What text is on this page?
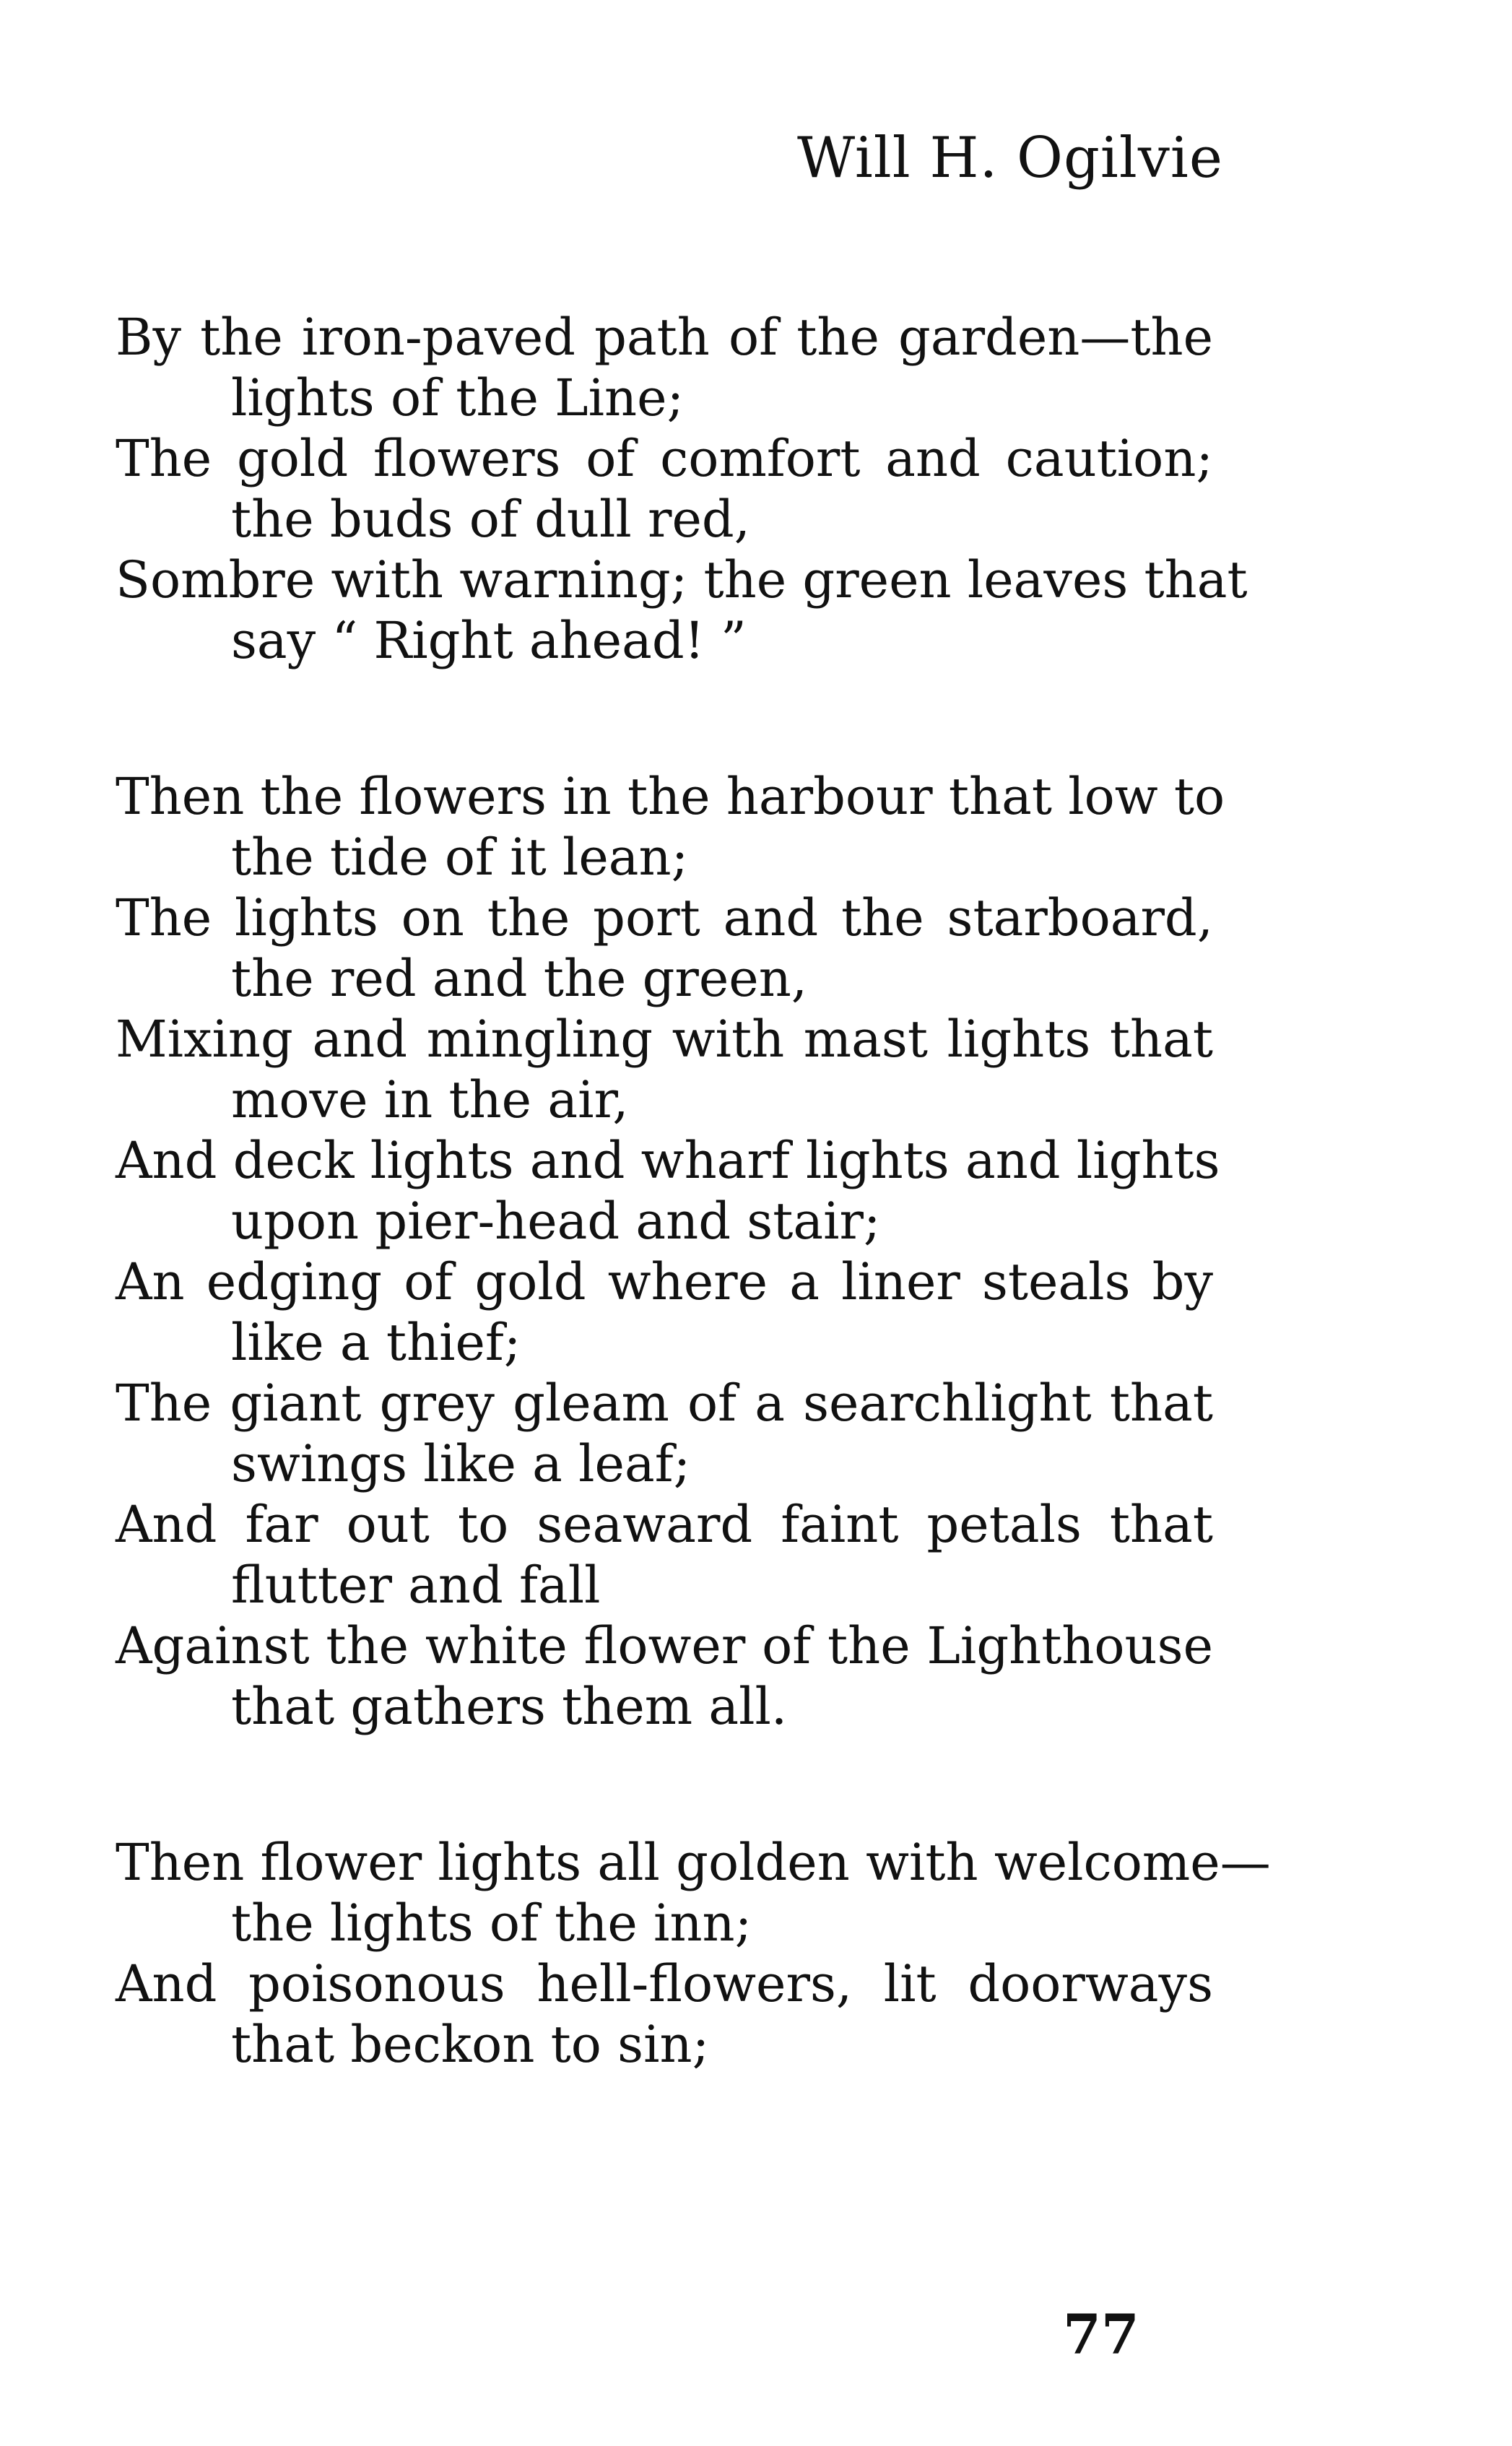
Will H. Ogilvie

By the iron-paved path of the garden—the

lights of the Line;

The gold flowers of comfort and caution;

the buds of dull red,

Sombre with warning; the green leaves that

say “ Right ahead! ”

Then the flowers in the harbour that low to

the tide of it lean;

The lights on the port and the starboard,

the red and the green,

Mixing and mingling with mast lights that

move in the air,

And deck lights and wharf lights and lights

upon pier-head and stair;

An edging of gold where a liner steals by

like a thief;

The giant grey gleam of a searchlight that

swings like a leaf;

And far out to seaward faint petals that

flutter and fall

Against the white flower of the Lighthouse

that gathers them all.

Then flower lights all golden with welcome—

the lights of the inn;

And poisonous hell-flowers, lit doorways

that beckon to sin;

77
